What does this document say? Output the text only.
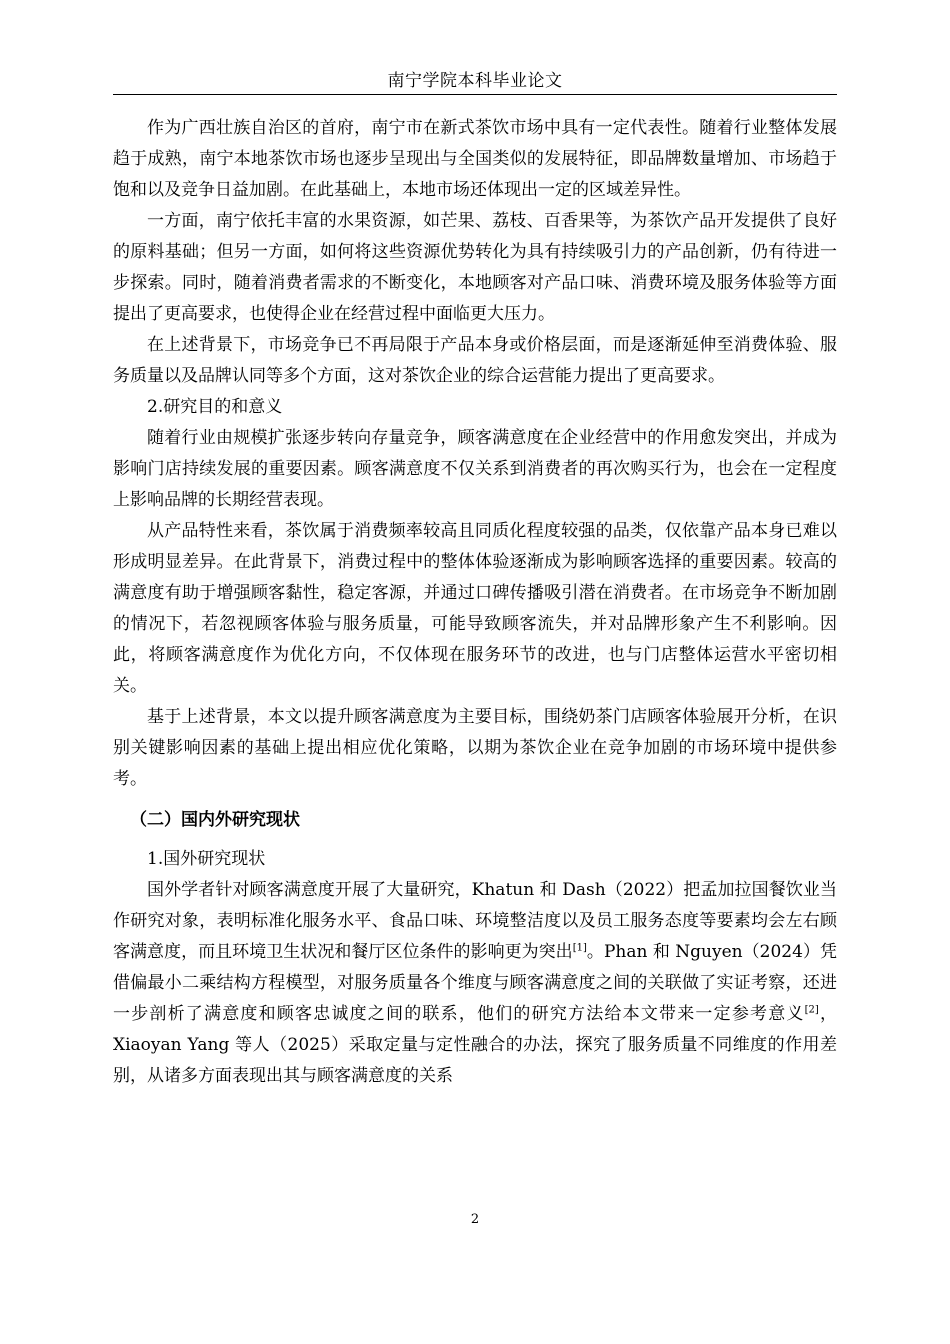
南宁学院本科毕业论文

作为广西壮族自治区的首府，南宁市在新式茶饮市场中具有一定代表性。随着行业整体发展趋于成熟，南宁本地茶饮市场也逐步呈现出与全国类似的发展特征，即品牌数量增加、市场趋于饱和以及竞争日益加剧。在此基础上，本地市场还体现出一定的区域差异性。

一方面，南宁依托丰富的水果资源，如芒果、荔枝、百香果等，为茶饮产品开发提供了良好的原料基础；但另一方面，如何将这些资源优势转化为具有持续吸引力的产品创新，仍有待进一步探索。同时，随着消费者需求的不断变化，本地顾客对产品口味、消费环境及服务体验等方面提出了更高要求，也使得企业在经营过程中面临更大压力。

在上述背景下，市场竞争已不再局限于产品本身或价格层面，而是逐渐延伸至消费体验、服务质量以及品牌认同等多个方面，这对茶饮企业的综合运营能力提出了更高要求。

2.研究目的和意义

随着行业由规模扩张逐步转向存量竞争，顾客满意度在企业经营中的作用愈发突出，并成为影响门店持续发展的重要因素。顾客满意度不仅关系到消费者的再次购买行为，也会在一定程度上影响品牌的长期经营表现。

从产品特性来看，茶饮属于消费频率较高且同质化程度较强的品类，仅依靠产品本身已难以形成明显差异。在此背景下，消费过程中的整体体验逐渐成为影响顾客选择的重要因素。较高的满意度有助于增强顾客黏性，稳定客源，并通过口碑传播吸引潜在消费者。在市场竞争不断加剧的情况下，若忽视顾客体验与服务质量，可能导致顾客流失，并对品牌形象产生不利影响。因此，将顾客满意度作为优化方向，不仅体现在服务环节的改进，也与门店整体运营水平密切相关。

基于上述背景，本文以提升顾客满意度为主要目标，围绕奶茶门店顾客体验展开分析，在识别关键影响因素的基础上提出相应优化策略，以期为茶饮企业在竞争加剧的市场环境中提供参考。

（二）国内外研究现状
1.国外研究现状

国外学者针对顾客满意度开展了大量研究，Khatun 和 Dash（2022）把孟加拉国餐饮业当作研究对象，表明标准化服务水平、食品口味、环境整洁度以及员工服务态度等要素均会左右顾客满意度，而且环境卫生状况和餐厅区位条件的影响更为突出[1]。Phan 和 Nguyen（2024）凭借偏最小二乘结构方程模型，对服务质量各个维度与顾客满意度之间的关联做了实证考察，还进一步剖析了满意度和顾客忠诚度之间的联系，他们的研究方法给本文带来一定参考意义[2]，Xiaoyan Yang 等人（2025）采取定量与定性融合的办法，探究了服务质量不同维度的作用差别，从诸多方面表现出其与顾客满意度的关系

2
